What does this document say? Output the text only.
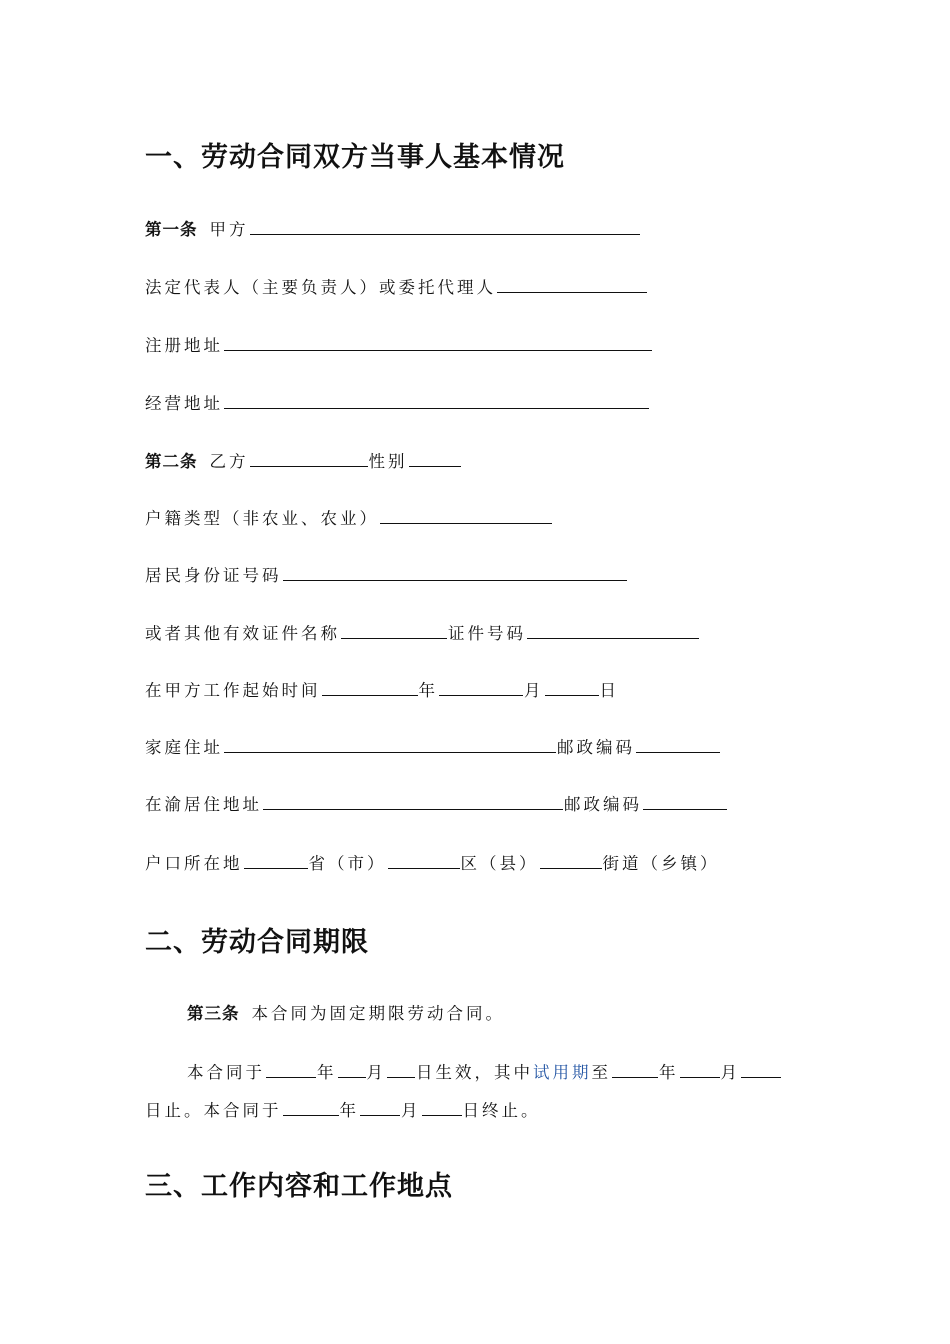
一、劳动合同双方当事人基本情况
第一条 甲方
法定代表人（主要负责人）或委托代理人
注册地址
经营地址
第二条 乙方	性别
户籍类型（非农业、农业）
居民身份证号码
或者其他有效证件名称	证件号码
在甲方工作起始时间	年	月	日
家庭住址	邮政编码
在渝居住地址	邮政编码
户口所在地	省（市）	区（县）	街道（乡镇）
二、劳动合同期限
第三条 本合同为固定期限劳动合同。
本合同于	年 月 日生效，其中试用期至	年	月
日止。本合同于	年	月	日终止。
三、工作内容和工作地点
